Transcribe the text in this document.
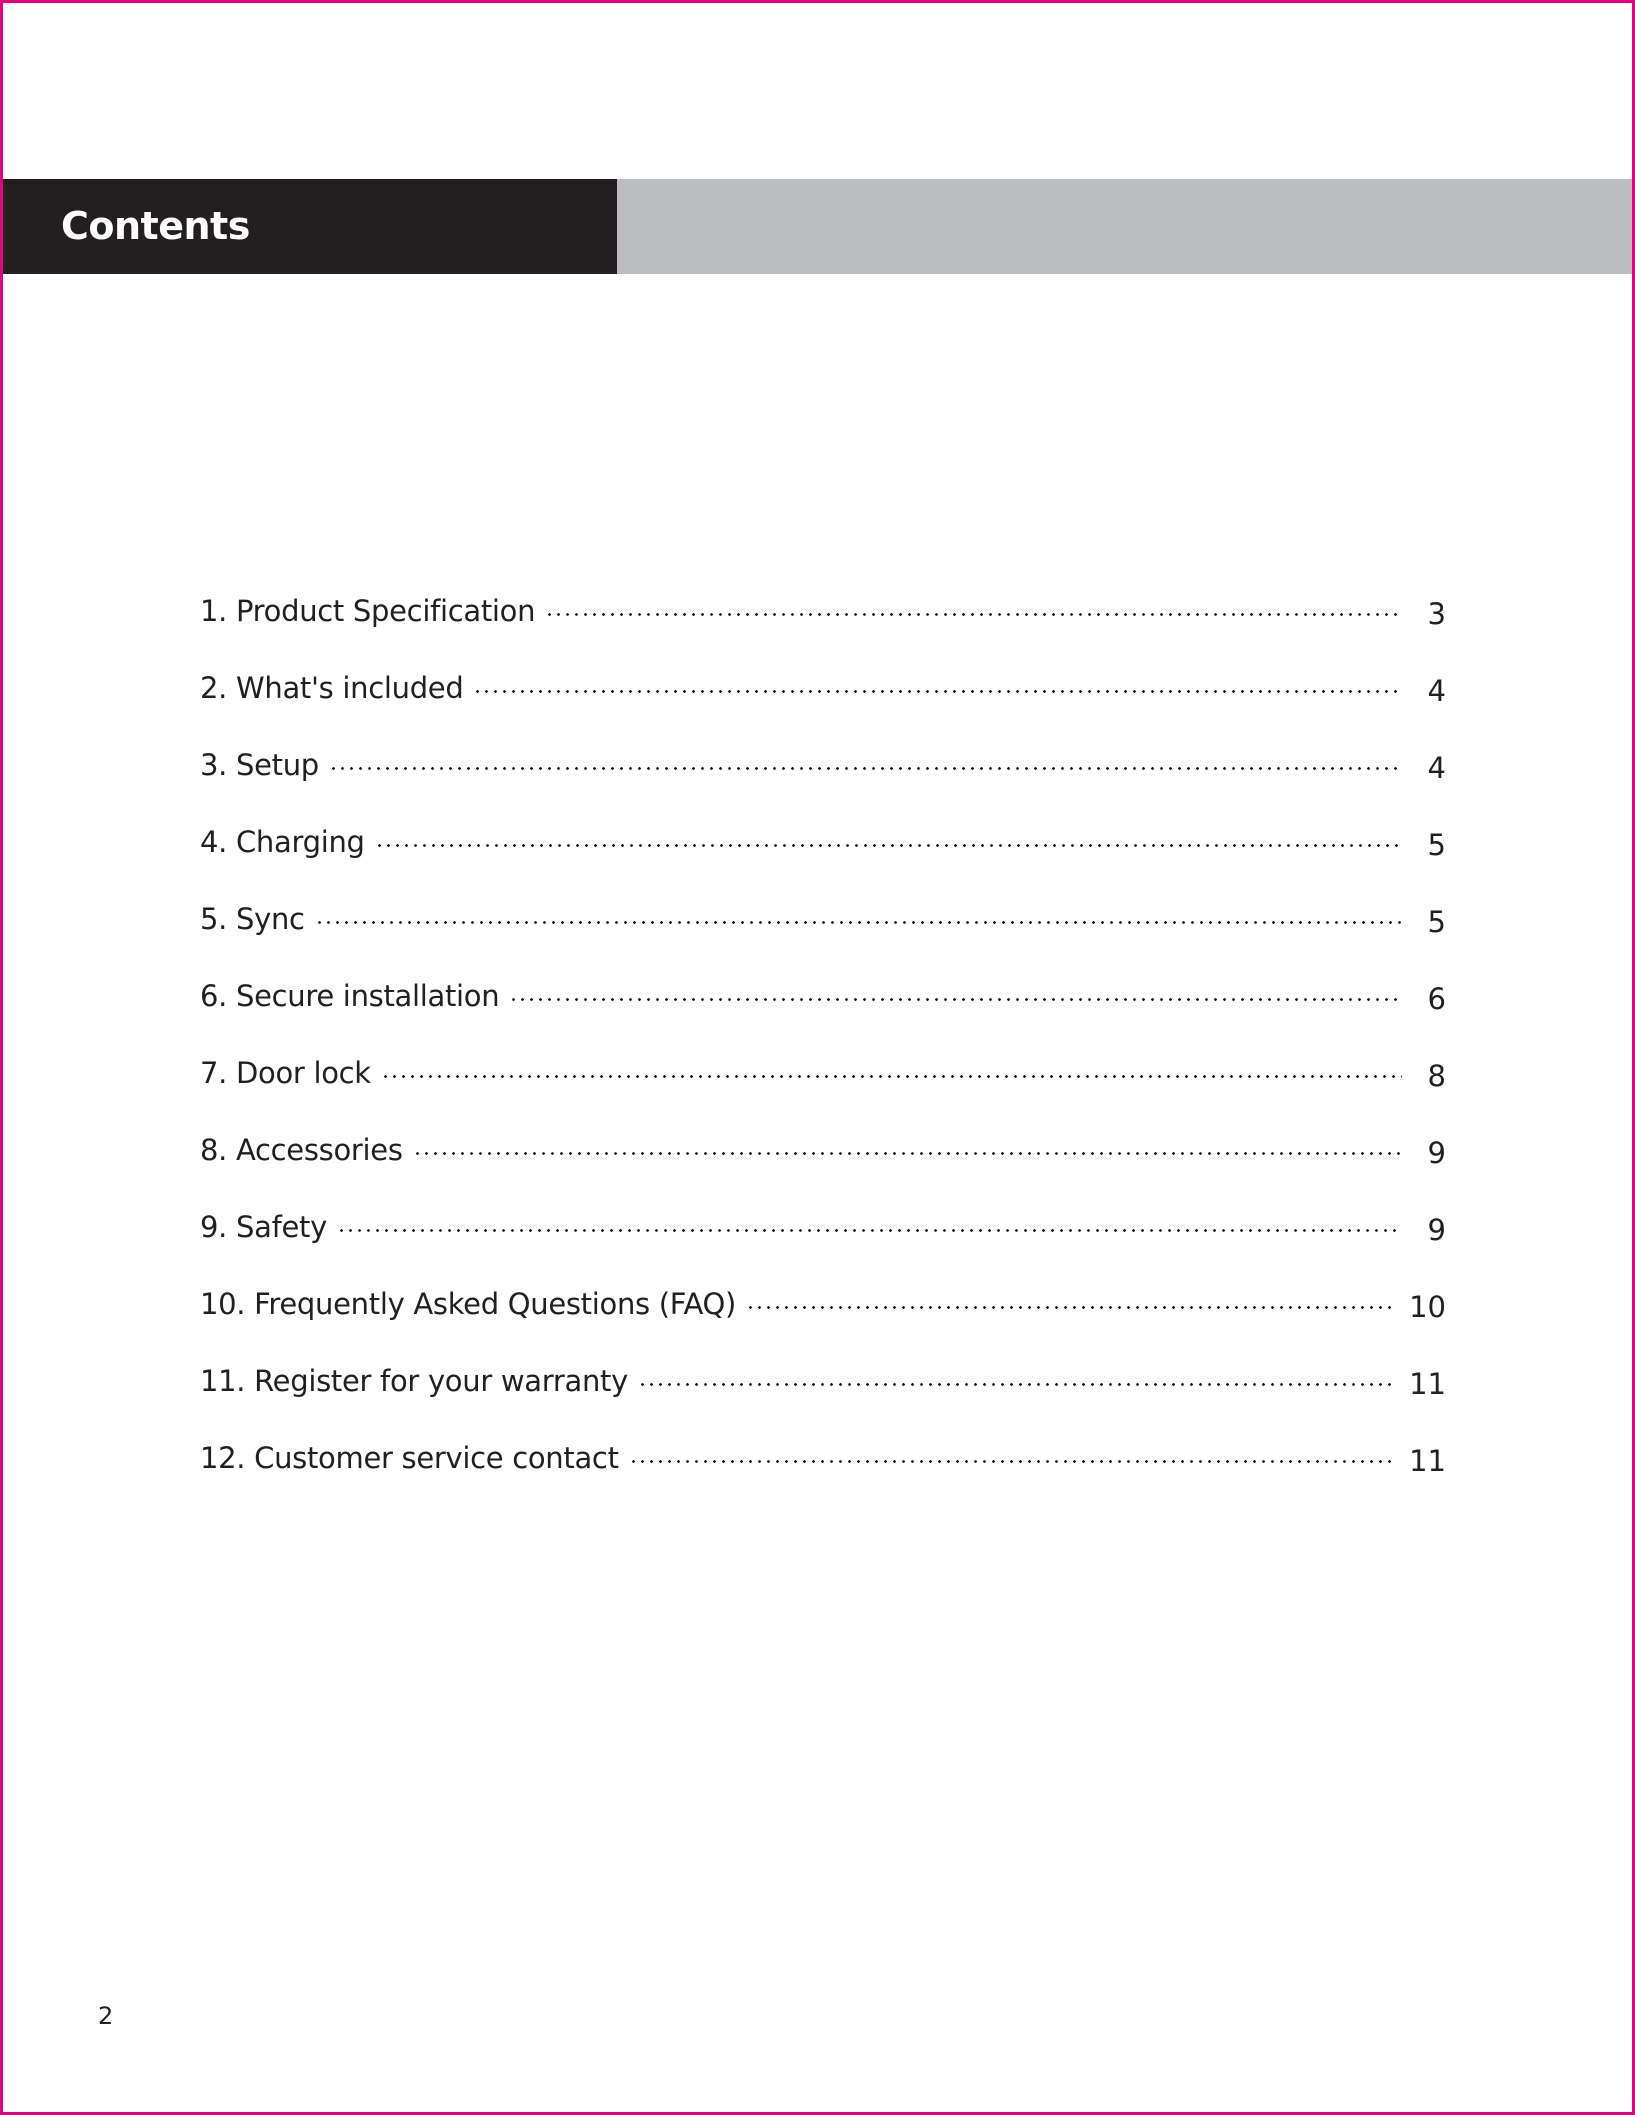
Contents
1. Product Specification	3
2. What's included	4
3. Setup	4
4. Charging	5
5. Sync	5
6. Secure installation	6
7. Door lock	8
8. Accessories	9
9. Safety	9
10. Frequently Asked Questions (FAQ)	10
11. Register for your warranty	11
12. Customer service contact	11
2
